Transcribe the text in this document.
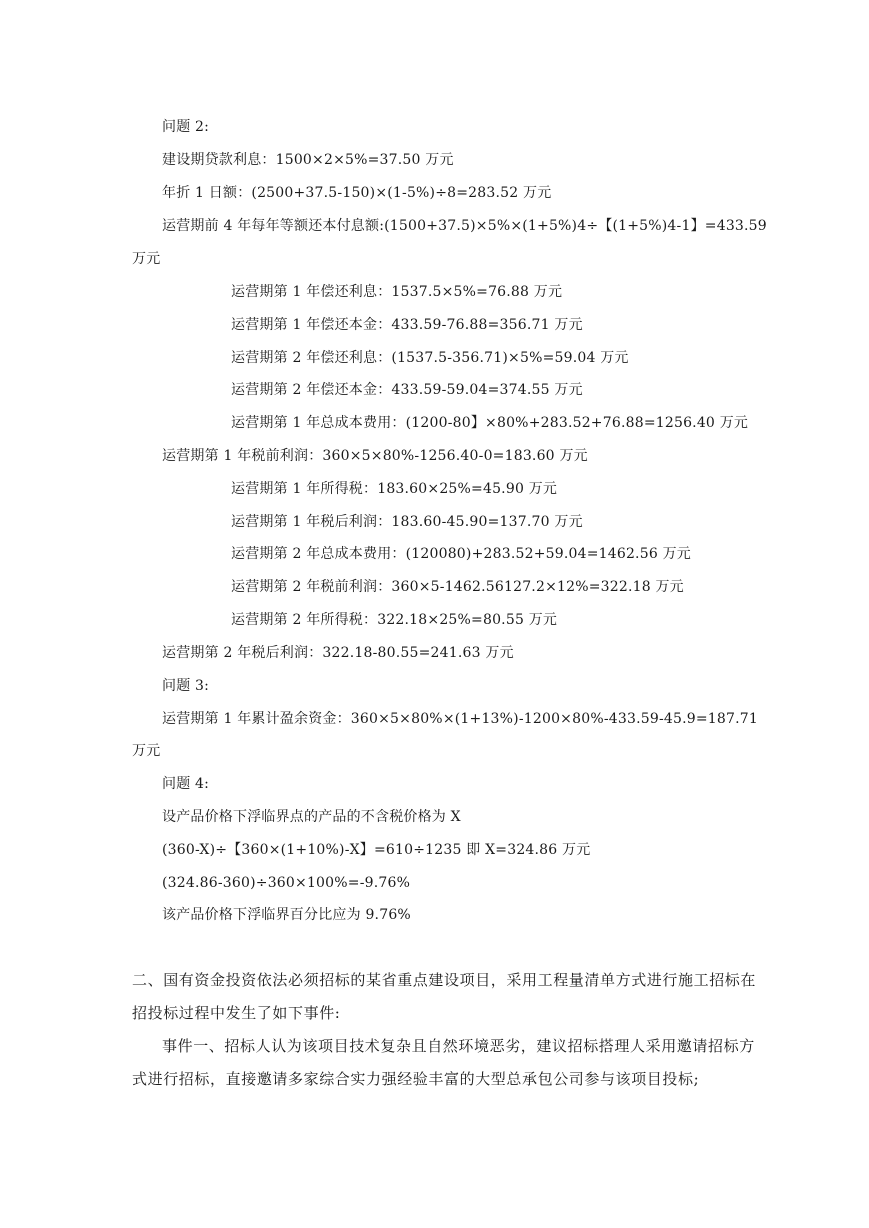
问题 2:
建设期贷款利息：1500×2×5%=37.50 万元
年折 1 日额：(2500+37.5-150)×(1-5%)÷8=283.52 万元
运营期前 4 年每年等额还本付息额:(1500+37.5)×5%×(1+5%)4÷【(1+5%)4-1】=433.59
万元
运营期第 1 年偿还利息：1537.5×5%=76.88 万元
运营期第 1 年偿还本金：433.59-76.88=356.71 万元
运营期第 2 年偿还利息：(1537.5-356.71)×5%=59.04 万元
运营期第 2 年偿还本金：433.59-59.04=374.55 万元
运营期第 1 年总成本费用：(1200-80】×80%+283.52+76.88=1256.40 万元
运营期第 1 年税前利润：360×5×80%-1256.40-0=183.60 万元
运营期第 1 年所得税：183.60×25%=45.90 万元
运营期第 1 年税后利润：183.60-45.90=137.70 万元
运营期第 2 年总成本费用：(120080)+283.52+59.04=1462.56 万元
运营期第 2 年税前利润：360×5-1462.56127.2×12%=322.18 万元
运营期第 2 年所得税：322.18×25%=80.55 万元
运营期第 2 年税后利润：322.18-80.55=241.63 万元
问题 3:
运营期第 1 年累计盈余资金：360×5×80%×(1+13%)-1200×80%-433.59-45.9=187.71
万元
问题 4:
设产品价格下浮临界点的产品的不含税价格为 X
(360-X)÷【360×(1+10%)-X】=610÷1235 即 X=324.86 万元
(324.86-360)÷360×100%=-9.76%
该产品价格下浮临界百分比应为 9.76%
二、国有资金投资依法必须招标的某省重点建设项目，采用工程量清单方式进行施工招标在
招投标过程中发生了如下事件:
事件一、招标人认为该项目技术复杂且自然环境恶劣，建议招标搭理人采用邀请招标方
式进行招标，直接邀请多家综合实力强经验丰富的大型总承包公司参与该项目投标;
